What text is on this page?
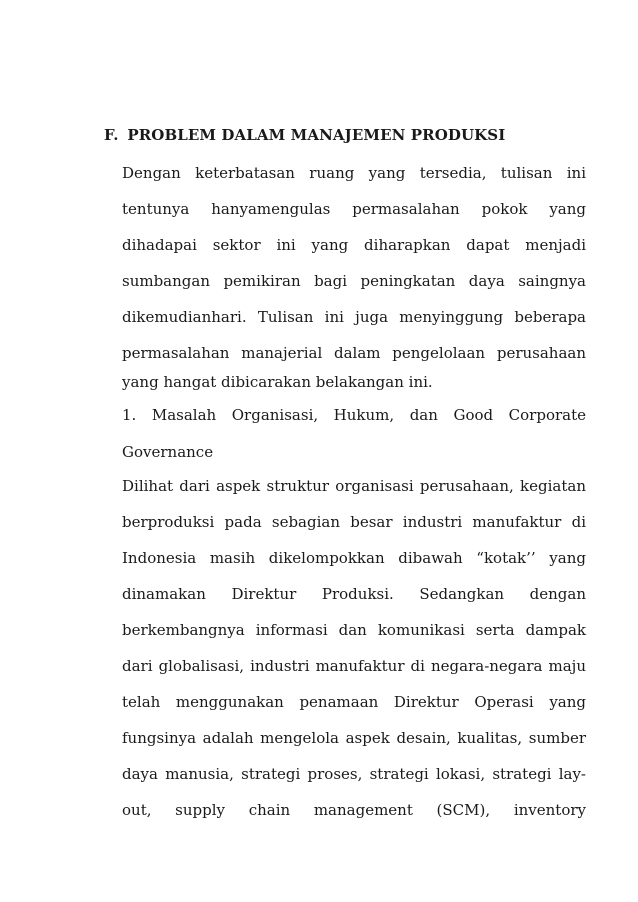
F. PROBLEM DALAM MANAJEMEN PRODUKSI
Dengan keterbatasan ruang yang tersedia, tulisan ini
tentunya hanyamengulas permasalahan pokok yang
dihadapai sektor ini yang diharapkan dapat menjadi
sumbangan pemikiran bagi peningkatan daya saingnya
dikemudianhari. Tulisan ini juga menyinggung beberapa
permasalahan manajerial dalam pengelolaan perusahaan
yang hangat dibicarakan belakangan ini.
1. Masalah Organisasi, Hukum, dan Good Corporate
Governance
Dilihat dari aspek struktur organisasi perusahaan, kegiatan
berproduksi pada sebagian besar industri manufaktur di
Indonesia masih dikelompokkan dibawah “kotak’’ yang
dinamakan Direktur Produksi. Sedangkan dengan
berkembangnya informasi dan komunikasi serta dampak
dari globalisasi, industri manufaktur di negara-negara maju
telah menggunakan penamaan Direktur Operasi yang
fungsinya adalah mengelola aspek desain, kualitas, sumber
daya manusia, strategi proses, strategi lokasi, strategi lay-
out, supply chain management (SCM), inventory
